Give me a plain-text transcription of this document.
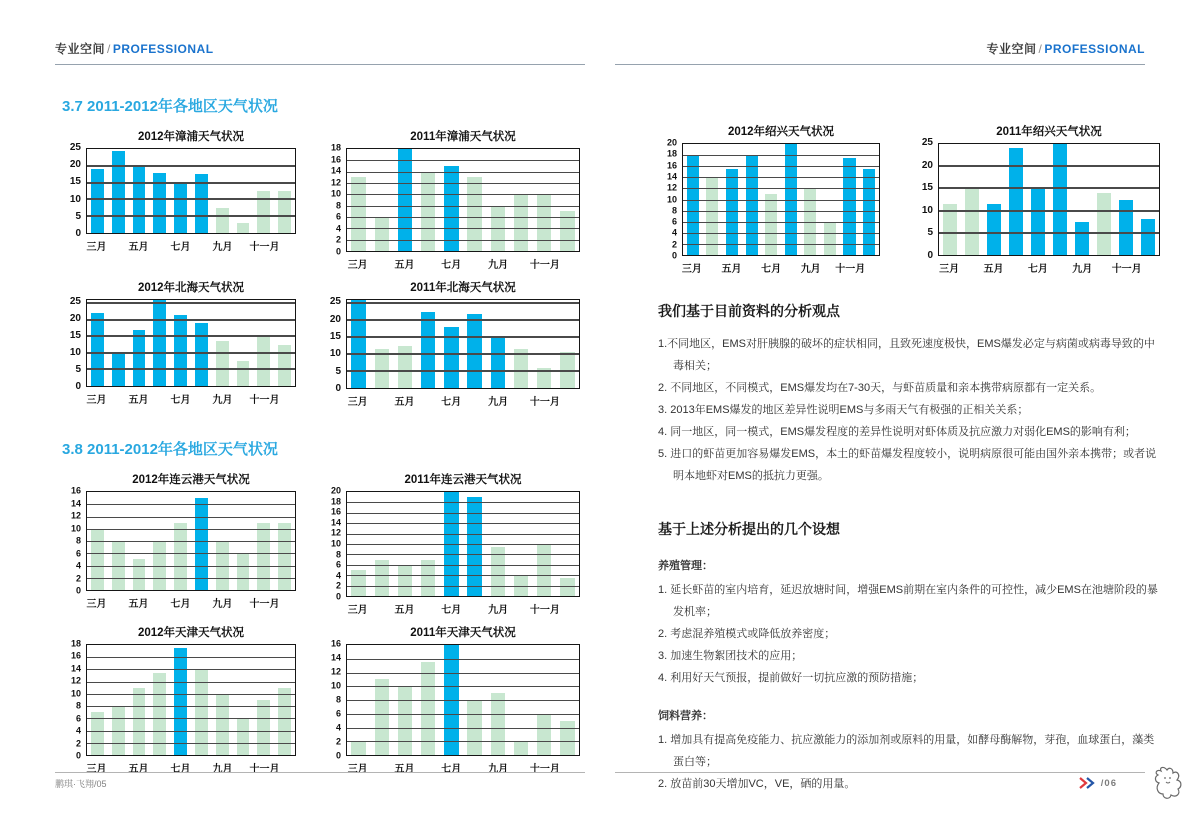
专业空间 / PROFESSIONAL	专业空间 / PROFESSIONAL
3.7 2011-2012年各地区天气状况
2012年漳浦天气状况
0
5
10
15
20
25
三月 五月 七月 九月 十一月
2011年漳浦天气状况
0
2
4
6
8
10
12
14
16
18
三月	五月	七月	九月 十一月
2012年北海天气状况
0
5
10
15
20
25
三月 五月 七月 九月 十一月
2011年北海天气状况
0
5
10
15
20
25
三月	五月	七月	九月 十一月
3.8 2011-2012年各地区天气状况
2012年连云港天气状况
0
2
4
6
8
10
12
14
16
三月 五月 七月 九月 十一月
2011年连云港天气状况
0
2
4
6
8
10
12
14
16
18
20
三月	五月	七月	九月 十一月
2012年天津天气状况
0
2
4
6
8
10
12
14
16
18
三月 五月 七月 九月 十一月
2011年天津天气状况
0
2
4
6
8
10
12
14
16
三月	五月	七月	九月 十一月
2012年绍兴天气状况
0
2
4
6
8
10
12
14
16
18
20
三月 五月 七月 九月 十一月
2011年绍兴天气状况
0
5
10
15
20
25
三月 五月 七月 九月 十一月
我们基于目前资料的分析观点
1.不同地区，EMS对肝胰腺的破坏的症状相同，且致死速度极快，EMS爆发必定与病菌或病毒导致的中毒相关；
2. 不同地区，不同模式，EMS爆发均在7-30天，与虾苗质量和亲本携带病原都有一定关系。
3. 2013年EMS爆发的地区差异性说明EMS与多雨天气有极强的正相关关系；
4. 同一地区，同一模式，EMS爆发程度的差异性说明对虾体质及抗应激力对弱化EMS的影响有利；
5. 进口的虾苗更加容易爆发EMS，本土的虾苗爆发程度较小，说明病原很可能由国外亲本携带；或者说明本地虾对EMS的抵抗力更强。
基于上述分析提出的几个设想
养殖管理：
1. 延长虾苗的室内培育，延迟放塘时间，增强EMS前期在室内条件的可控性，减少EMS在池塘阶段的暴发机率；
2. 考虑混养殖模式或降低放养密度；
3. 加速生物絮团技术的应用；
4. 利用好天气预报，提前做好一切抗应激的预防措施；
饲料营养：
1. 增加具有提高免疫能力、抗应激能力的添加剂或原料的用量，如酵母酶解物，芽孢，血球蛋白，藻类蛋白等；
2. 放苗前30天增加VC，VE，硒的用量。
鹏琪·飞翔/05	/06
